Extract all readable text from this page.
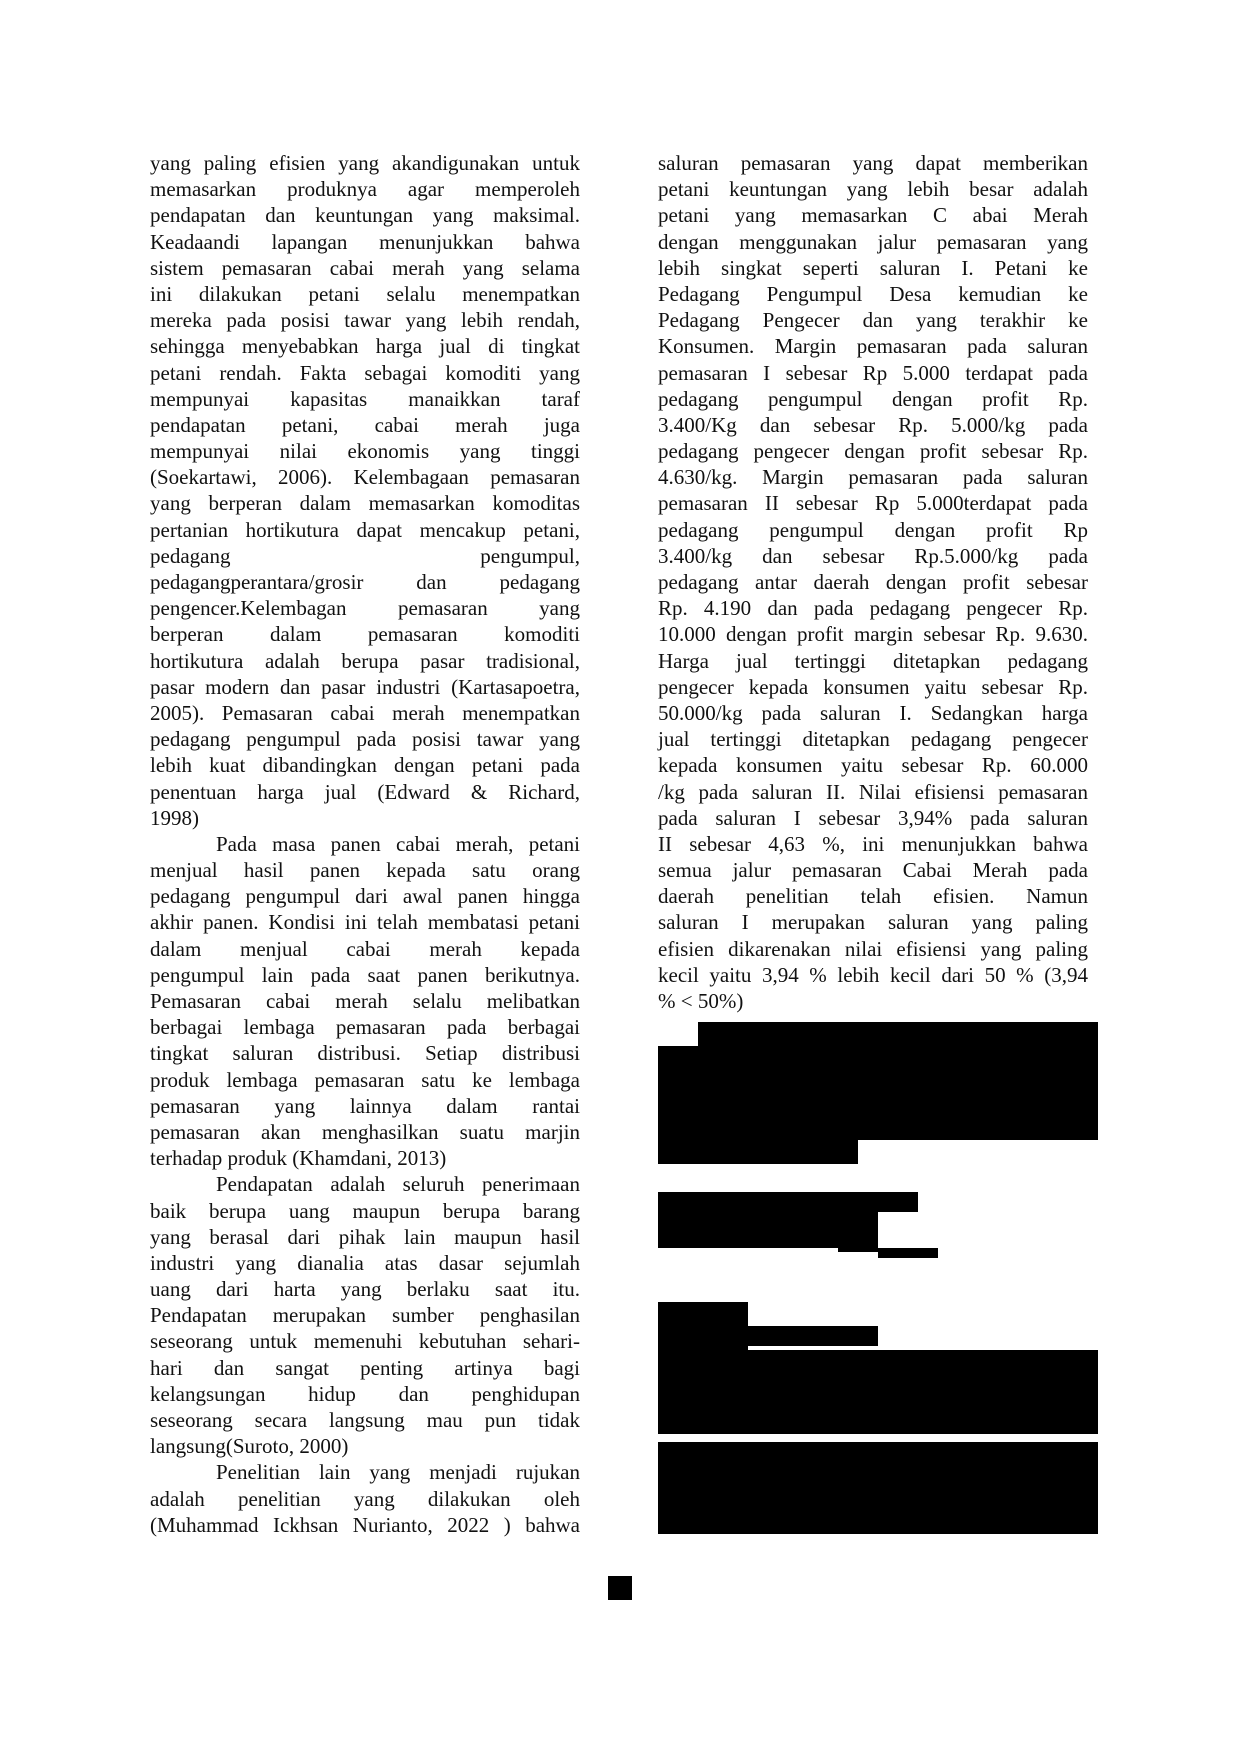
yang paling efisien yang akandigunakan untuk
memasarkan produknya agar memperoleh
pendapatan dan keuntungan yang maksimal.
Keadaandi lapangan menunjukkan bahwa
sistem pemasaran cabai merah yang selama
ini dilakukan petani selalu menempatkan
mereka pada posisi tawar yang lebih rendah,
sehingga menyebabkan harga jual di tingkat
petani rendah. Fakta sebagai komoditi yang
mempunyai kapasitas manaikkan taraf
pendapatan petani, cabai merah juga
mempunyai nilai ekonomis yang tinggi
(Soekartawi, 2006). Kelembagaan pemasaran
yang berperan dalam memasarkan komoditas
pertanian hortikutura dapat mencakup petani,
pedagang pengumpul,
pedagangperantara/grosir dan pedagang
pengencer.Kelembagan pemasaran yang
berperan dalam pemasaran komoditi
hortikutura adalah berupa pasar tradisional,
pasar modern dan pasar industri (Kartasapoetra,
2005). Pemasaran cabai merah menempatkan
pedagang pengumpul pada posisi tawar yang
lebih kuat dibandingkan dengan petani pada
penentuan harga jual (Edward & Richard,
1998)
Pada masa panen cabai merah, petani
menjual hasil panen kepada satu orang
pedagang pengumpul dari awal panen hingga
akhir panen. Kondisi ini telah membatasi petani
dalam menjual cabai merah kepada
pengumpul lain pada saat panen berikutnya.
Pemasaran cabai merah selalu melibatkan
berbagai lembaga pemasaran pada berbagai
tingkat saluran distribusi. Setiap distribusi
produk lembaga pemasaran satu ke lembaga
pemasaran yang lainnya dalam rantai
pemasaran akan menghasilkan suatu marjin
terhadap produk (Khamdani, 2013)
Pendapatan adalah seluruh penerimaan
baik berupa uang maupun berupa barang
yang berasal dari pihak lain maupun hasil
industri yang dianalia atas dasar sejumlah
uang dari harta yang berlaku saat itu.
Pendapatan merupakan sumber penghasilan
seseorang untuk memenuhi kebutuhan sehari-
hari dan sangat penting artinya bagi
kelangsungan hidup dan penghidupan
seseorang secara langsung mau pun tidak
langsung(Suroto, 2000)
Penelitian lain yang menjadi rujukan
adalah penelitian yang dilakukan oleh
(Muhammad Ickhsan Nurianto, 2022 ) bahwa
saluran pemasaran yang dapat memberikan
petani keuntungan yang lebih besar adalah
petani yang memasarkan C abai Merah
dengan menggunakan jalur pemasaran yang
lebih singkat seperti saluran I. Petani ke
Pedagang Pengumpul Desa kemudian ke
Pedagang Pengecer dan yang terakhir ke
Konsumen. Margin pemasaran pada saluran
pemasaran I sebesar Rp 5.000 terdapat pada
pedagang pengumpul dengan profit Rp.
3.400/Kg dan sebesar Rp. 5.000/kg pada
pedagang pengecer dengan profit sebesar Rp.
4.630/kg. Margin pemasaran pada saluran
pemasaran II sebesar Rp 5.000terdapat pada
pedagang pengumpul dengan profit Rp
3.400/kg dan sebesar Rp.5.000/kg pada
pedagang antar daerah dengan profit sebesar
Rp. 4.190 dan pada pedagang pengecer Rp.
10.000 dengan profit margin sebesar Rp. 9.630.
Harga jual tertinggi ditetapkan pedagang
pengecer kepada konsumen yaitu sebesar Rp.
50.000/kg pada saluran I. Sedangkan harga
jual tertinggi ditetapkan pedagang pengecer
kepada konsumen yaitu sebesar Rp. 60.000
/kg pada saluran II. Nilai efisiensi pemasaran
pada saluran I sebesar 3,94% pada saluran
II sebesar 4,63 %, ini menunjukkan bahwa
semua jalur pemasaran Cabai Merah pada
daerah penelitian telah efisien. Namun
saluran I merupakan saluran yang paling
efisien dikarenakan nilai efisiensi yang paling
kecil yaitu 3,94 % lebih kecil dari 50 % (3,94
% < 50%)
